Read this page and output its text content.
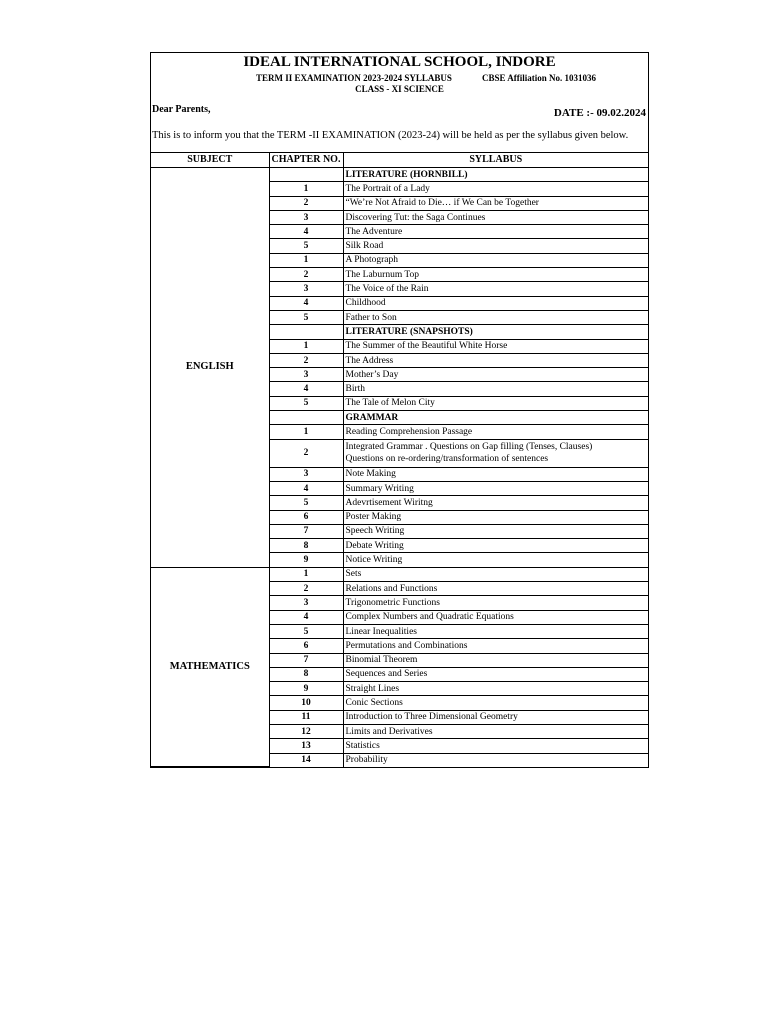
IDEAL INTERNATIONAL SCHOOL, INDORE
TERM II EXAMINATION 2023-2024 SYLLABUS	CBSE Affiliation No. 1031036
CLASS - XI SCIENCE
Dear Parents,	DATE :- 09.02.2024
This is to inform you that the TERM -II EXAMINATION (2023-24) will be held as per the syllabus given below.
SUBJECT	CHAPTER NO.	SYLLABUS
ENGLISH		LITERATURE (HORNBILL)
	1	The Portrait of a Lady
	2	“We’re Not Afraid to Die… if We Can be Together
	3	Discovering Tut: the Saga Continues
	4	The Adventure
	5	Silk Road
	1	A Photograph
	2	The Laburnum Top
	3	The Voice of the Rain
	4	Childhood
	5	Father to Son
		LITERATURE (SNAPSHOTS)
	1	The Summer of the Beautiful White Horse
	2	The Address
	3	Mother’s Day
	4	Birth
	5	The Tale of Melon City
		GRAMMAR
	1	Reading Comprehension Passage
	2	Integrated Grammar . Questions on Gap filling (Tenses, Clauses)
Questions on re-ordering/transformation of sentences

	3	Note Making
	4	Summary Writing
	5	Adevrtisement Wiritng
	6	Poster Making
	7	Speech Writing
	8	Debate Writing
	9	Notice Writing
MATHEMATICS	1	Sets
	2	Relations and Functions
	3	Trigonometric Functions
	4	Complex Numbers and Quadratic Equations
	5	Linear Inequalities
	6	Permutations and Combinations
	7	Binomial Theorem
	8	Sequences and Series
	9	Straight Lines
	10	Conic Sections
	11	Introduction to Three Dimensional Geometry
	12	Limits and Derivatives
	13	Statistics
	14	Probability
